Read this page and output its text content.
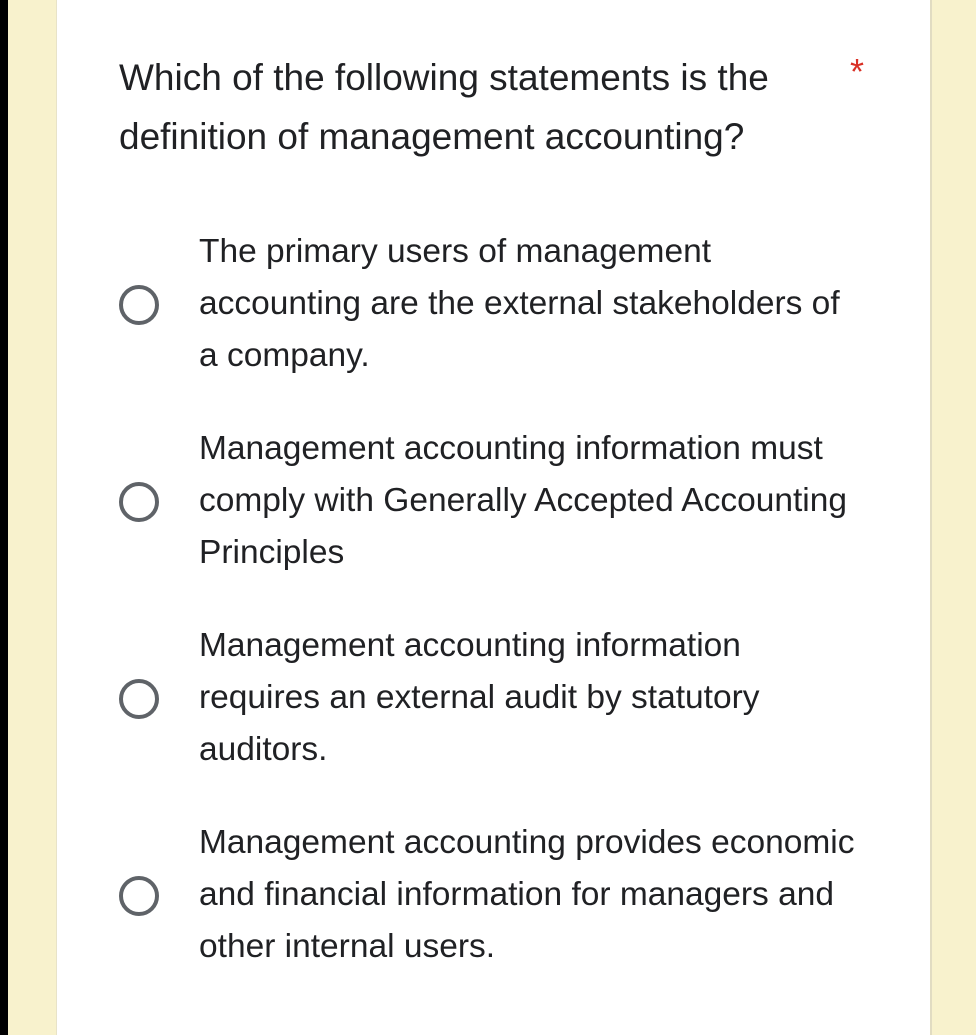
Which of the following statements is the definition of management accounting?
*
The primary users of management accounting are the external stakeholders of a company.
Management accounting information must comply with Generally Accepted Accounting Principles
Management accounting information requires an external audit by statutory auditors.
Management accounting provides economic and financial information for managers and other internal users.
